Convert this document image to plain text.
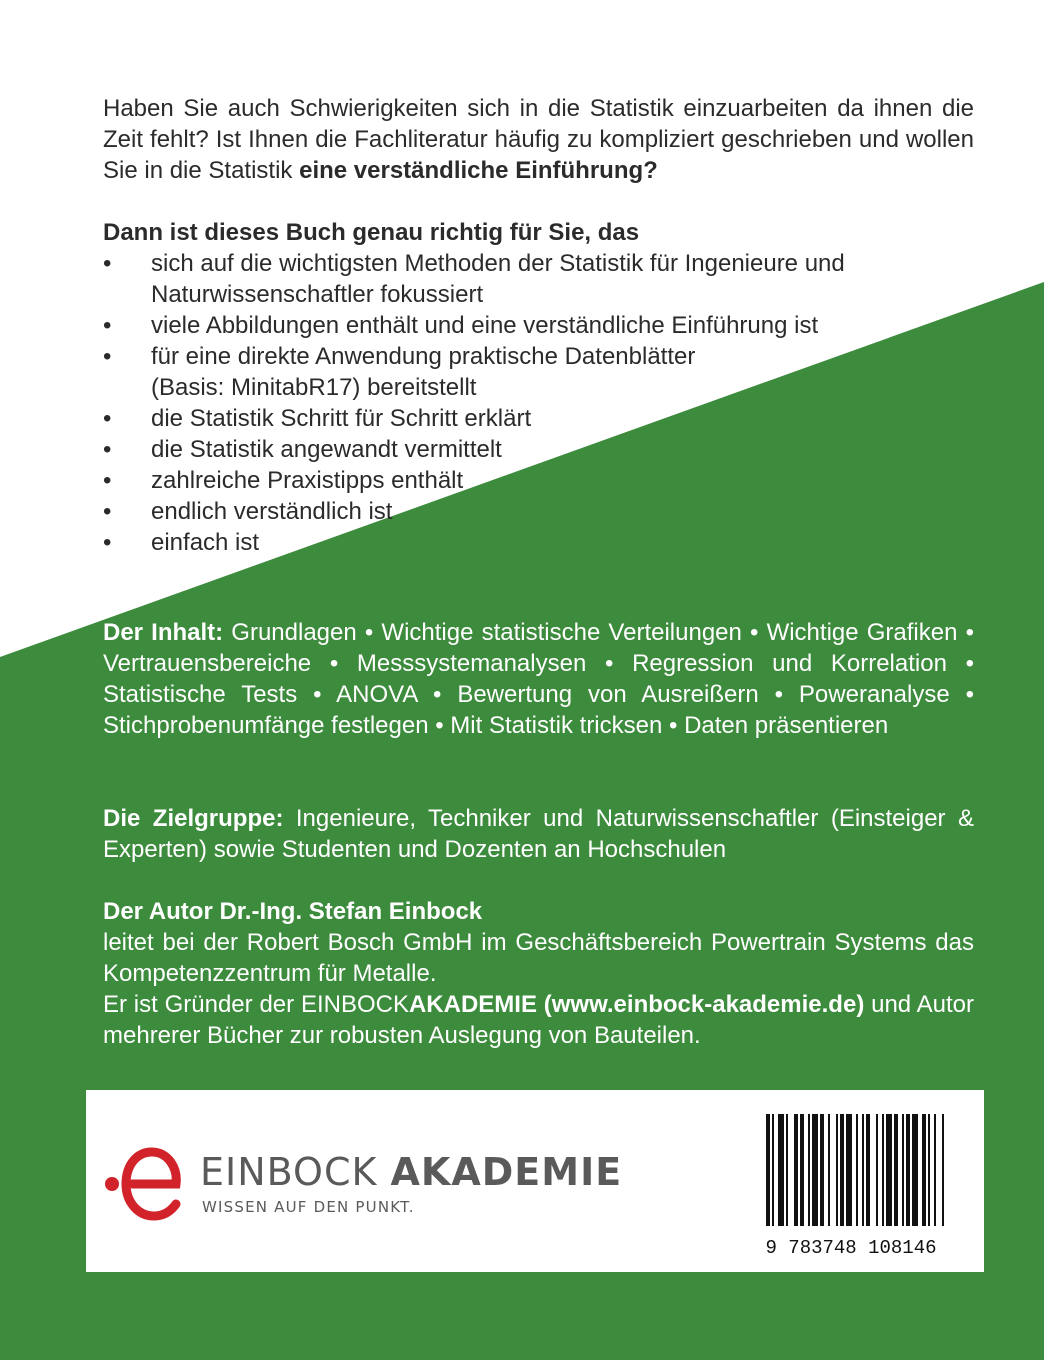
Haben Sie auch Schwierigkeiten sich in die Statistik einzuarbeiten da ihnen die Zeit fehlt? Ist Ihnen die Fachliteratur häufig zu kompliziert geschrieben und wollen Sie in die Statistik eine verständliche Einführung?

Dann ist dieses Buch genau richtig für Sie, das

• sich auf die wichtigsten Methoden der Statistik für Ingenieure und Naturwissenschaftler fokussiert
• viele Abbildungen enthält und eine verständliche Einführung ist
• für eine direkte Anwendung praktische Datenblätter (Basis: MinitabR17) bereitstellt
• die Statistik Schritt für Schritt erklärt
• die Statistik angewandt vermittelt
• zahlreiche Praxistipps enthält
• endlich verständlich ist
• einfach ist
Der Inhalt: Grundlagen • Wichtige statistische Verteilungen • Wichtige Grafiken • Vertrauensbereiche • Messsystemanalysen • Regression und Korrelation •   Statistische Tests • ANOVA • Bewertung von Ausreißern • Poweranalyse • Stichprobenumfänge festlegen • Mit Statistik tricksen • Daten präsentieren
Die Zielgruppe: Ingenieure, Techniker und Naturwissenschaftler (Einsteiger & Experten) sowie Studenten und Dozenten an Hochschulen

Der Autor Dr.-Ing. Stefan Einbock

leitet bei der Robert Bosch GmbH im Geschäftsbereich Powertrain Systems das Kompetenzzentrum für Metalle.

Er ist Gründer der EINBOCKAKADEMIE (www.einbock-akademie.de) und Autor mehrerer Bücher zur robusten Auslegung von Bauteilen.

EINBOCK AKADEMIE
WISSEN AUF DEN PUNKT.
9 783748 108146
